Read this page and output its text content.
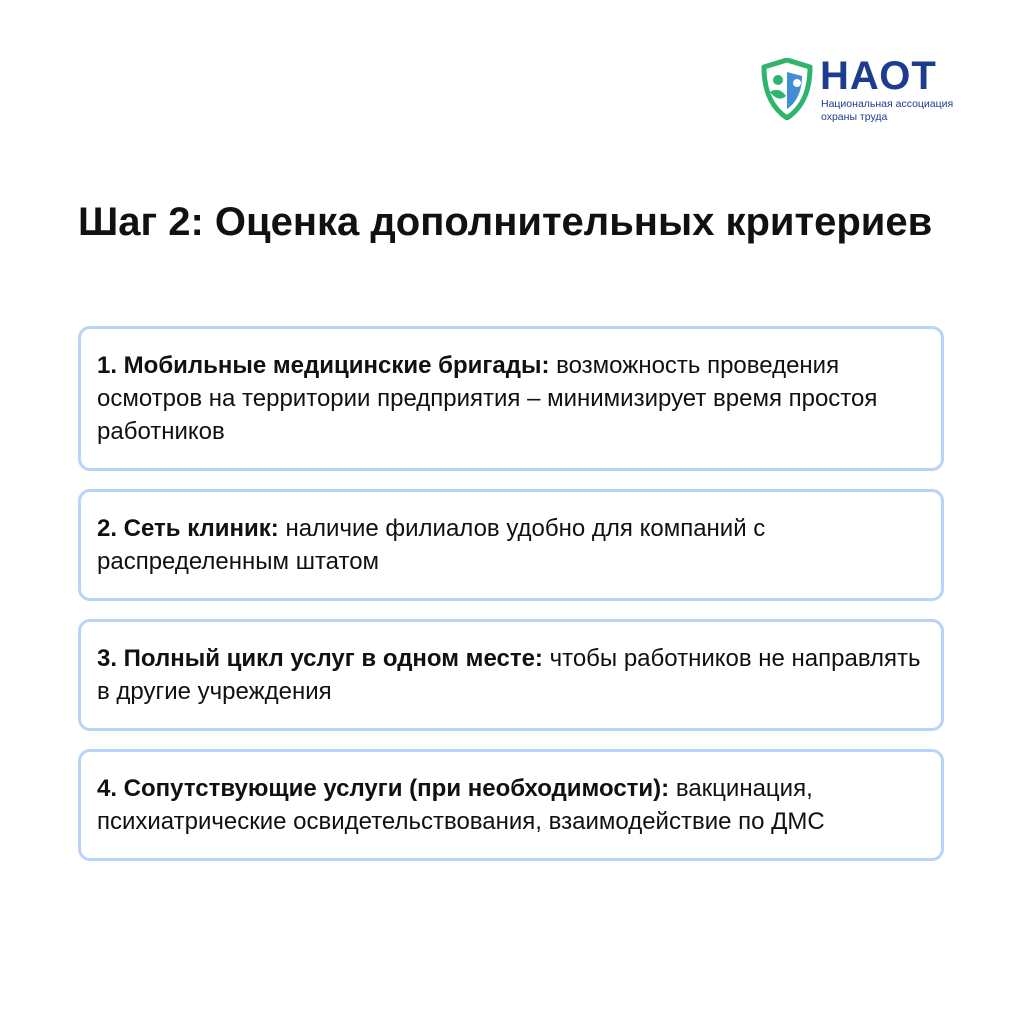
НАОТ
Национальная ассоциация охраны труда
Шаг 2: Оценка дополнительных критериев
1. Мобильные медицинские бригады: возможность проведения осмотров на территории предприятия – минимизирует время простоя работников
2. Сеть клиник: наличие филиалов удобно для компаний с распределенным штатом
3. Полный цикл услуг в одном месте: чтобы работников не направлять в другие учреждения
4. Сопутствующие услуги (при необходимости): вакцинация, психиатрические освидетельствования, взаимодействие по ДМС
